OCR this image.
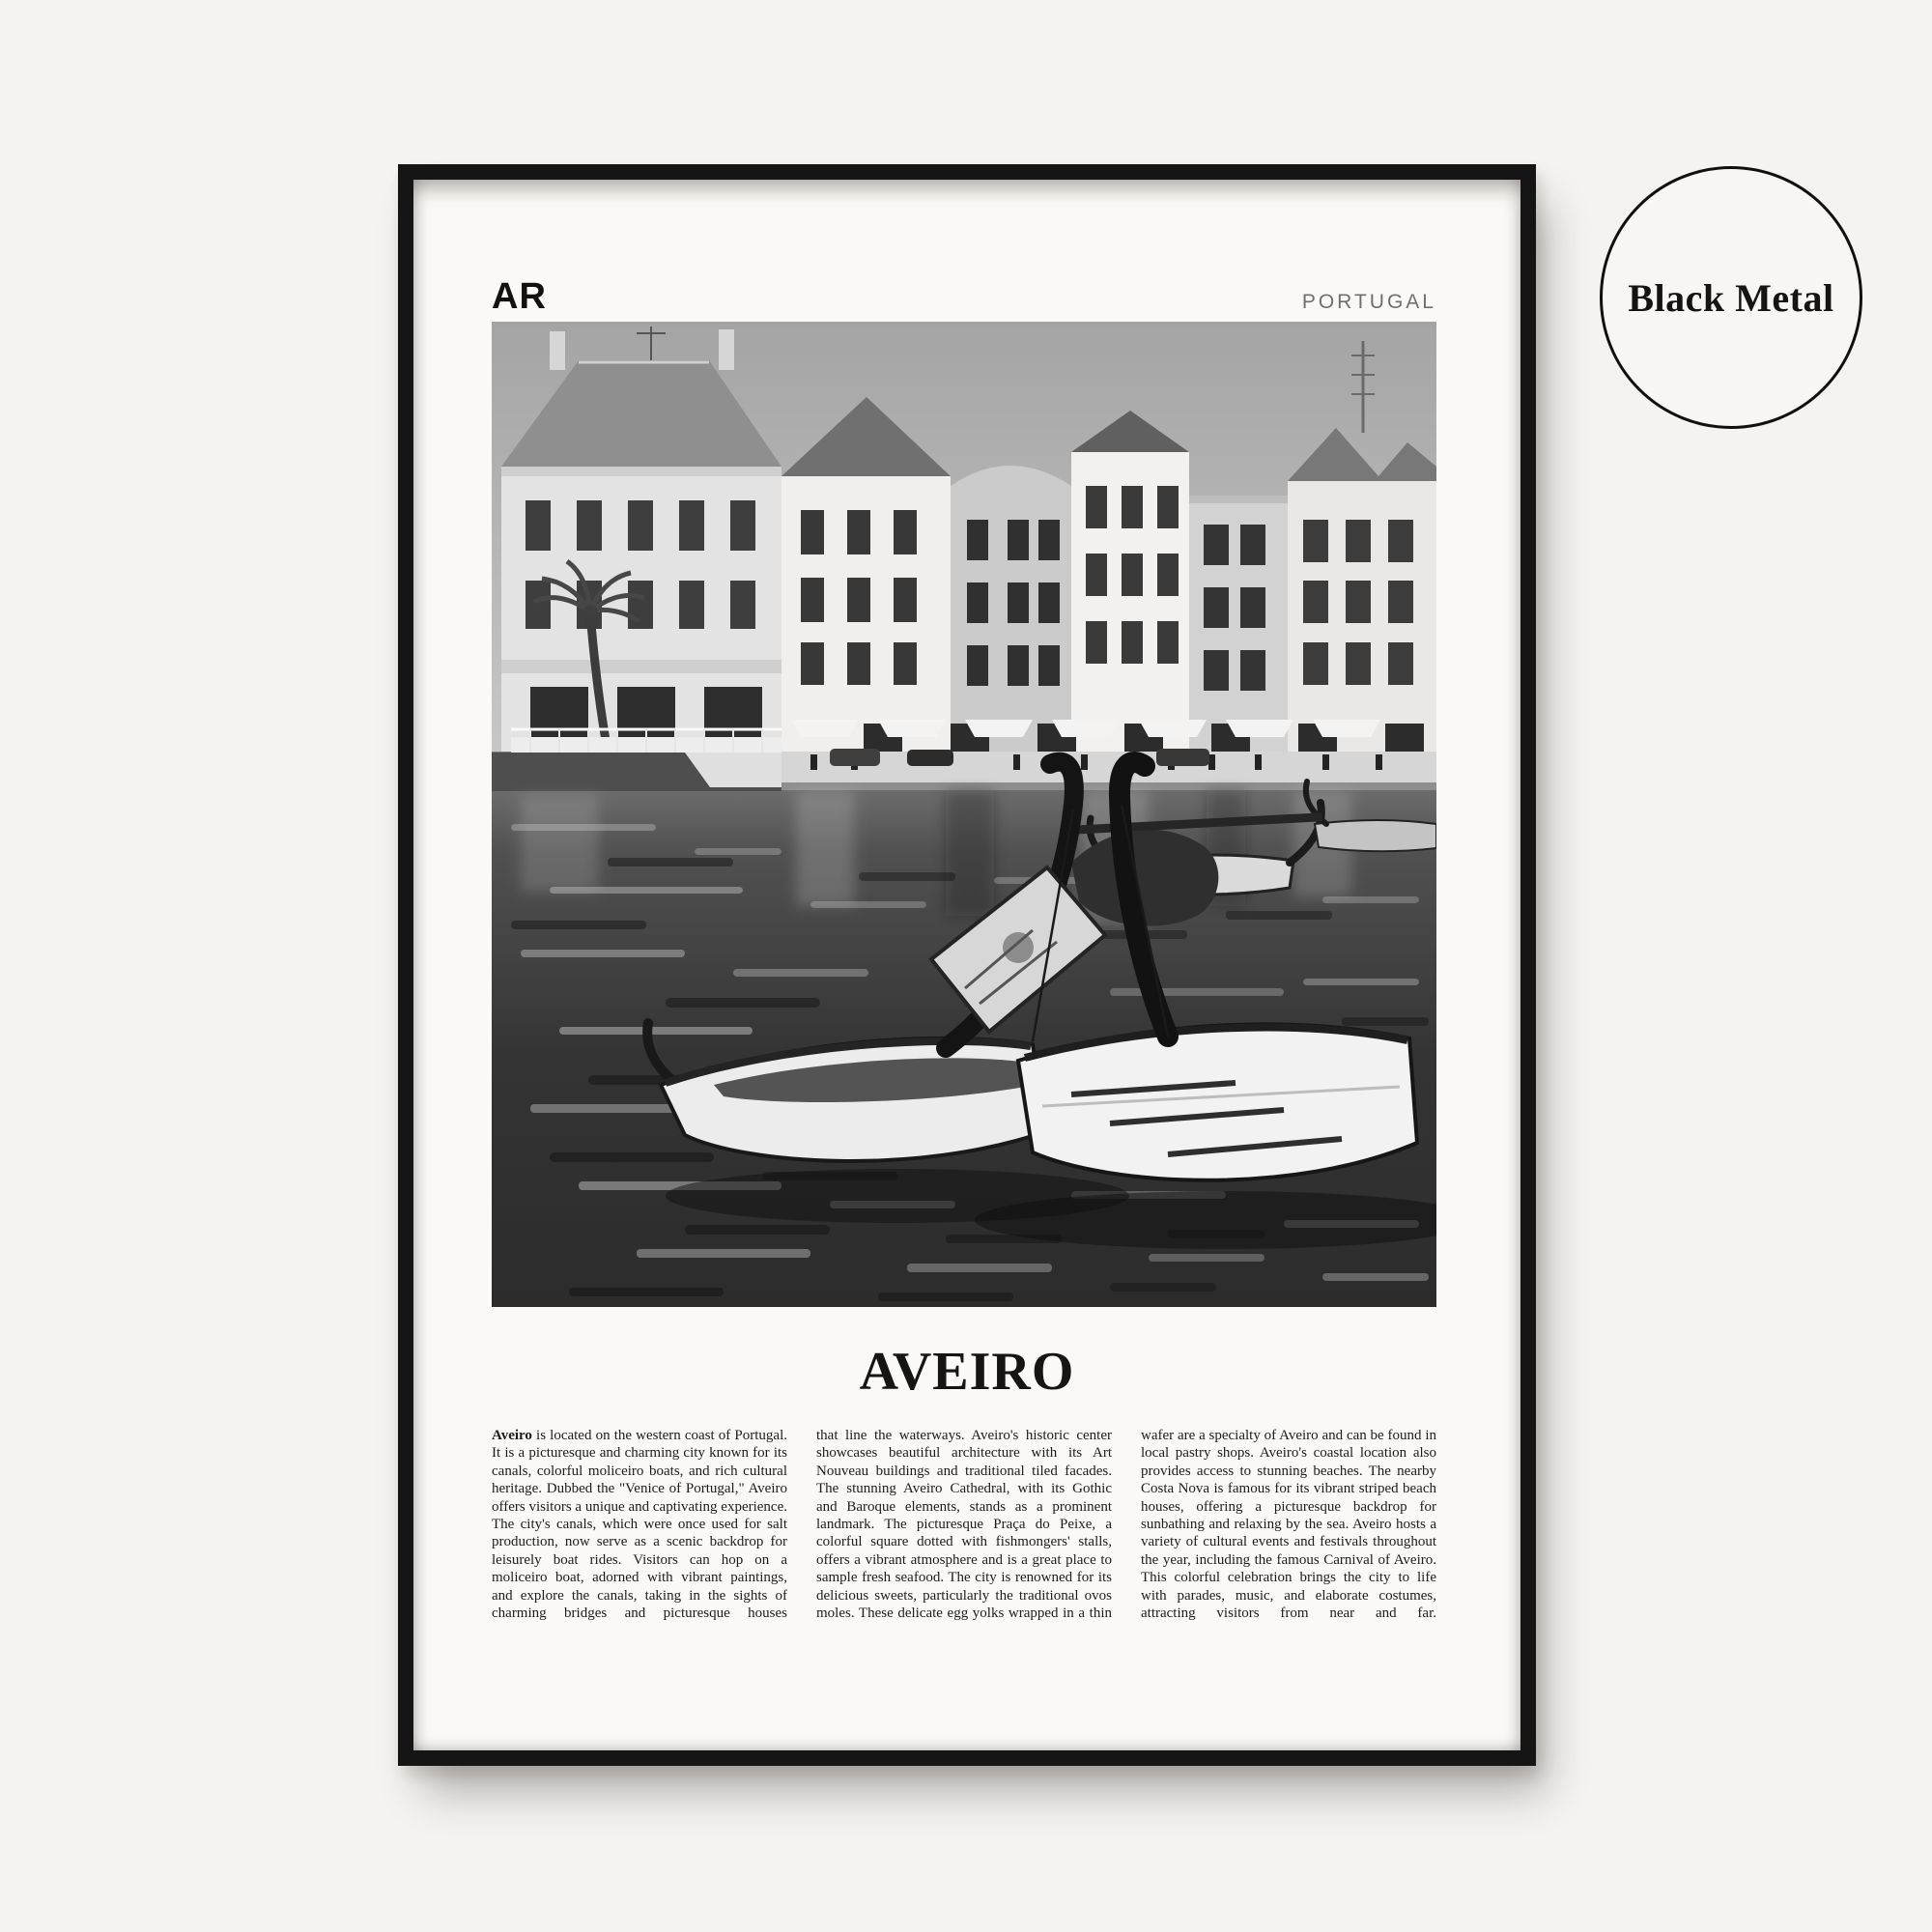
AR	PORTUGAL
AVEIRO
Aveiro is located on the western coast of Portugal. It is a picturesque and charming city known for its canals, colorful moliceiro boats, and rich cultural heritage. Dubbed the "Venice of Portugal," Aveiro offers visitors a unique and captivating experience. The city's canals, which were once used for salt production, now serve as a scenic backdrop for leisurely boat rides. Visitors can hop on a moliceiro boat, adorned with vibrant paintings, and explore the canals, taking in the sights of charming bridges and picturesque houses
that line the waterways. Aveiro's historic center showcases beautiful architecture with its Art Nouveau buildings and traditional tiled facades. The stunning Aveiro Cathedral, with its Gothic and Baroque elements, stands as a prominent landmark. The picturesque Praça do Peixe, a colorful square dotted with fishmongers' stalls, offers a vibrant atmosphere and is a great place to sample fresh seafood. The city is renowned for its delicious sweets, particularly the traditional ovos moles. These delicate egg yolks wrapped in a thin
wafer are a specialty of Aveiro and can be found in local pastry shops. Aveiro's coastal location also provides access to stunning beaches. The nearby Costa Nova is famous for its vibrant striped beach houses, offering a picturesque backdrop for sunbathing and relaxing by the sea. Aveiro hosts a variety of cultural events and festivals throughout the year, including the famous Carnival of Aveiro. This colorful celebration brings the city to life with parades, music, and elaborate costumes, attracting visitors from near and far.
Black Metal
